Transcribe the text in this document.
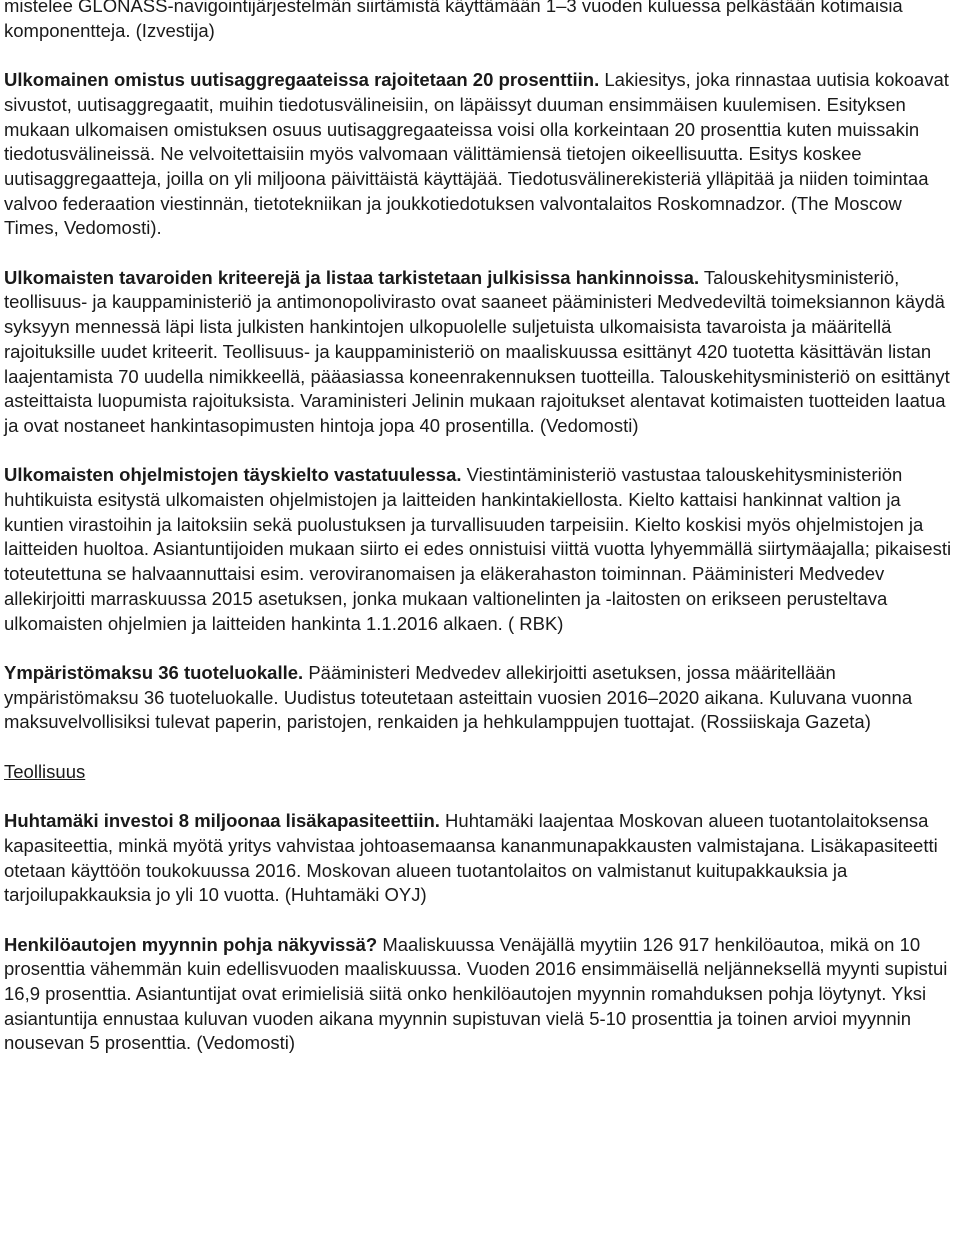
mistelee GLONASS-navigointijärjestelmän siirtämistä käyttämään 1–3 vuoden kuluessa pelkästään kotimaisia komponentteja. (Izvestija)

Ulkomainen omistus uutisaggregaateissa rajoitetaan 20 prosenttiin. Lakiesitys, joka rinnastaa uutisia kokoavat sivustot, uutisaggregaatit, muihin tiedotusvälineisiin, on läpäissyt duuman ensimmäisen kuulemisen. Esityksen mukaan ulkomaisen omistuksen osuus uutisaggregaateissa voisi olla korkeintaan 20 prosenttia kuten muissakin tiedotusvälineissä. Ne velvoitettaisiin myös valvomaan välittämiensä tietojen oikeellisuutta. Esitys koskee uutisaggregaatteja, joilla on yli miljoona päivittäistä käyttäjää. Tiedotusvälinerekisteriä ylläpitää ja niiden toimintaa valvoo federaation viestinnän, tietotekniikan ja joukkotiedotuksen valvontalaitos Roskomnadzor. (The Moscow Times, Vedomosti).

Ulkomaisten tavaroiden kriteerejä ja listaa tarkistetaan julkisissa hankinnoissa. Talouskehitysministeriö, teollisuus- ja kauppaministeriö ja antimonopolivirasto ovat saaneet pääministeri Medvedeviltä toimeksiannon käydä syksyyn mennessä läpi lista julkisten hankintojen ulkopuolelle suljetuista ulkomaisista tavaroista ja määritellä rajoituksille uudet kriteerit. Teollisuus- ja kauppaministeriö on maaliskuussa esittänyt 420 tuotetta käsittävän listan laajentamista 70 uudella nimikkeellä, pääasiassa koneenrakennuksen tuotteilla. Talouskehitysministeriö on esittänyt asteittaista luopumista rajoituksista. Varaministeri Jelinin mukaan rajoitukset alentavat kotimaisten tuotteiden laatua ja ovat nostaneet hankintasopimusten hintoja jopa 40 prosentilla. (Vedomosti)

Ulkomaisten ohjelmistojen täyskielto vastatuulessa. Viestintäministeriö vastustaa talouskehitysministeriön huhtikuista esitystä ulkomaisten ohjelmistojen ja laitteiden hankintakiellosta. Kielto kattaisi hankinnat valtion ja kuntien virastoihin ja laitoksiin sekä puolustuksen ja turvallisuuden tarpeisiin. Kielto koskisi myös ohjelmistojen ja laitteiden huoltoa. Asiantuntijoiden mukaan siirto ei edes onnistuisi viittä vuotta lyhyemmällä siirtymäajalla; pikaisesti toteutettuna se halvaannuttaisi esim. veroviranomaisen ja eläkerahaston toiminnan. Pääministeri Medvedev allekirjoitti marraskuussa 2015 asetuksen, jonka mukaan valtionelinten ja -laitosten on erikseen perusteltava ulkomaisten ohjelmien ja laitteiden hankinta 1.1.2016 alkaen. ( RBK)

Ympäristömaksu 36 tuoteluokalle. Pääministeri Medvedev allekirjoitti asetuksen, jossa määritellään ympäristömaksu 36 tuoteluokalle. Uudistus toteutetaan asteittain vuosien 2016–2020 aikana. Kuluvana vuonna maksuvelvollisiksi tulevat paperin, paristojen, renkaiden ja hehkulamppujen tuottajat. (Rossiiskaja Gazeta)

Teollisuus

Huhtamäki investoi 8 miljoonaa lisäkapasiteettiin. Huhtamäki laajentaa Moskovan alueen tuotantolaitoksensa kapasiteettia, minkä myötä yritys vahvistaa johtoasemaansa kananmunapakkausten valmistajana. Lisäkapasiteetti otetaan käyttöön toukokuussa 2016. Moskovan alueen tuotantolaitos on valmistanut kuitupakkauksia ja tarjoilupakkauksia jo yli 10 vuotta. (Huhtamäki OYJ)

Henkilöautojen myynnin pohja näkyvissä? Maaliskuussa Venäjällä myytiin 126 917 henkilöautoa, mikä on 10 prosenttia vähemmän kuin edellisvuoden maaliskuussa. Vuoden 2016 ensimmäisellä neljänneksellä myynti supistui 16,9 prosenttia. Asiantuntijat ovat erimielisiä siitä onko henkilöautojen myynnin romahduksen pohja löytynyt. Yksi asiantuntija ennustaa kuluvan vuoden aikana myynnin supistuvan vielä 5-10 prosenttia ja toinen arvioi myynnin nousevan 5 prosenttia. (Vedomosti)
